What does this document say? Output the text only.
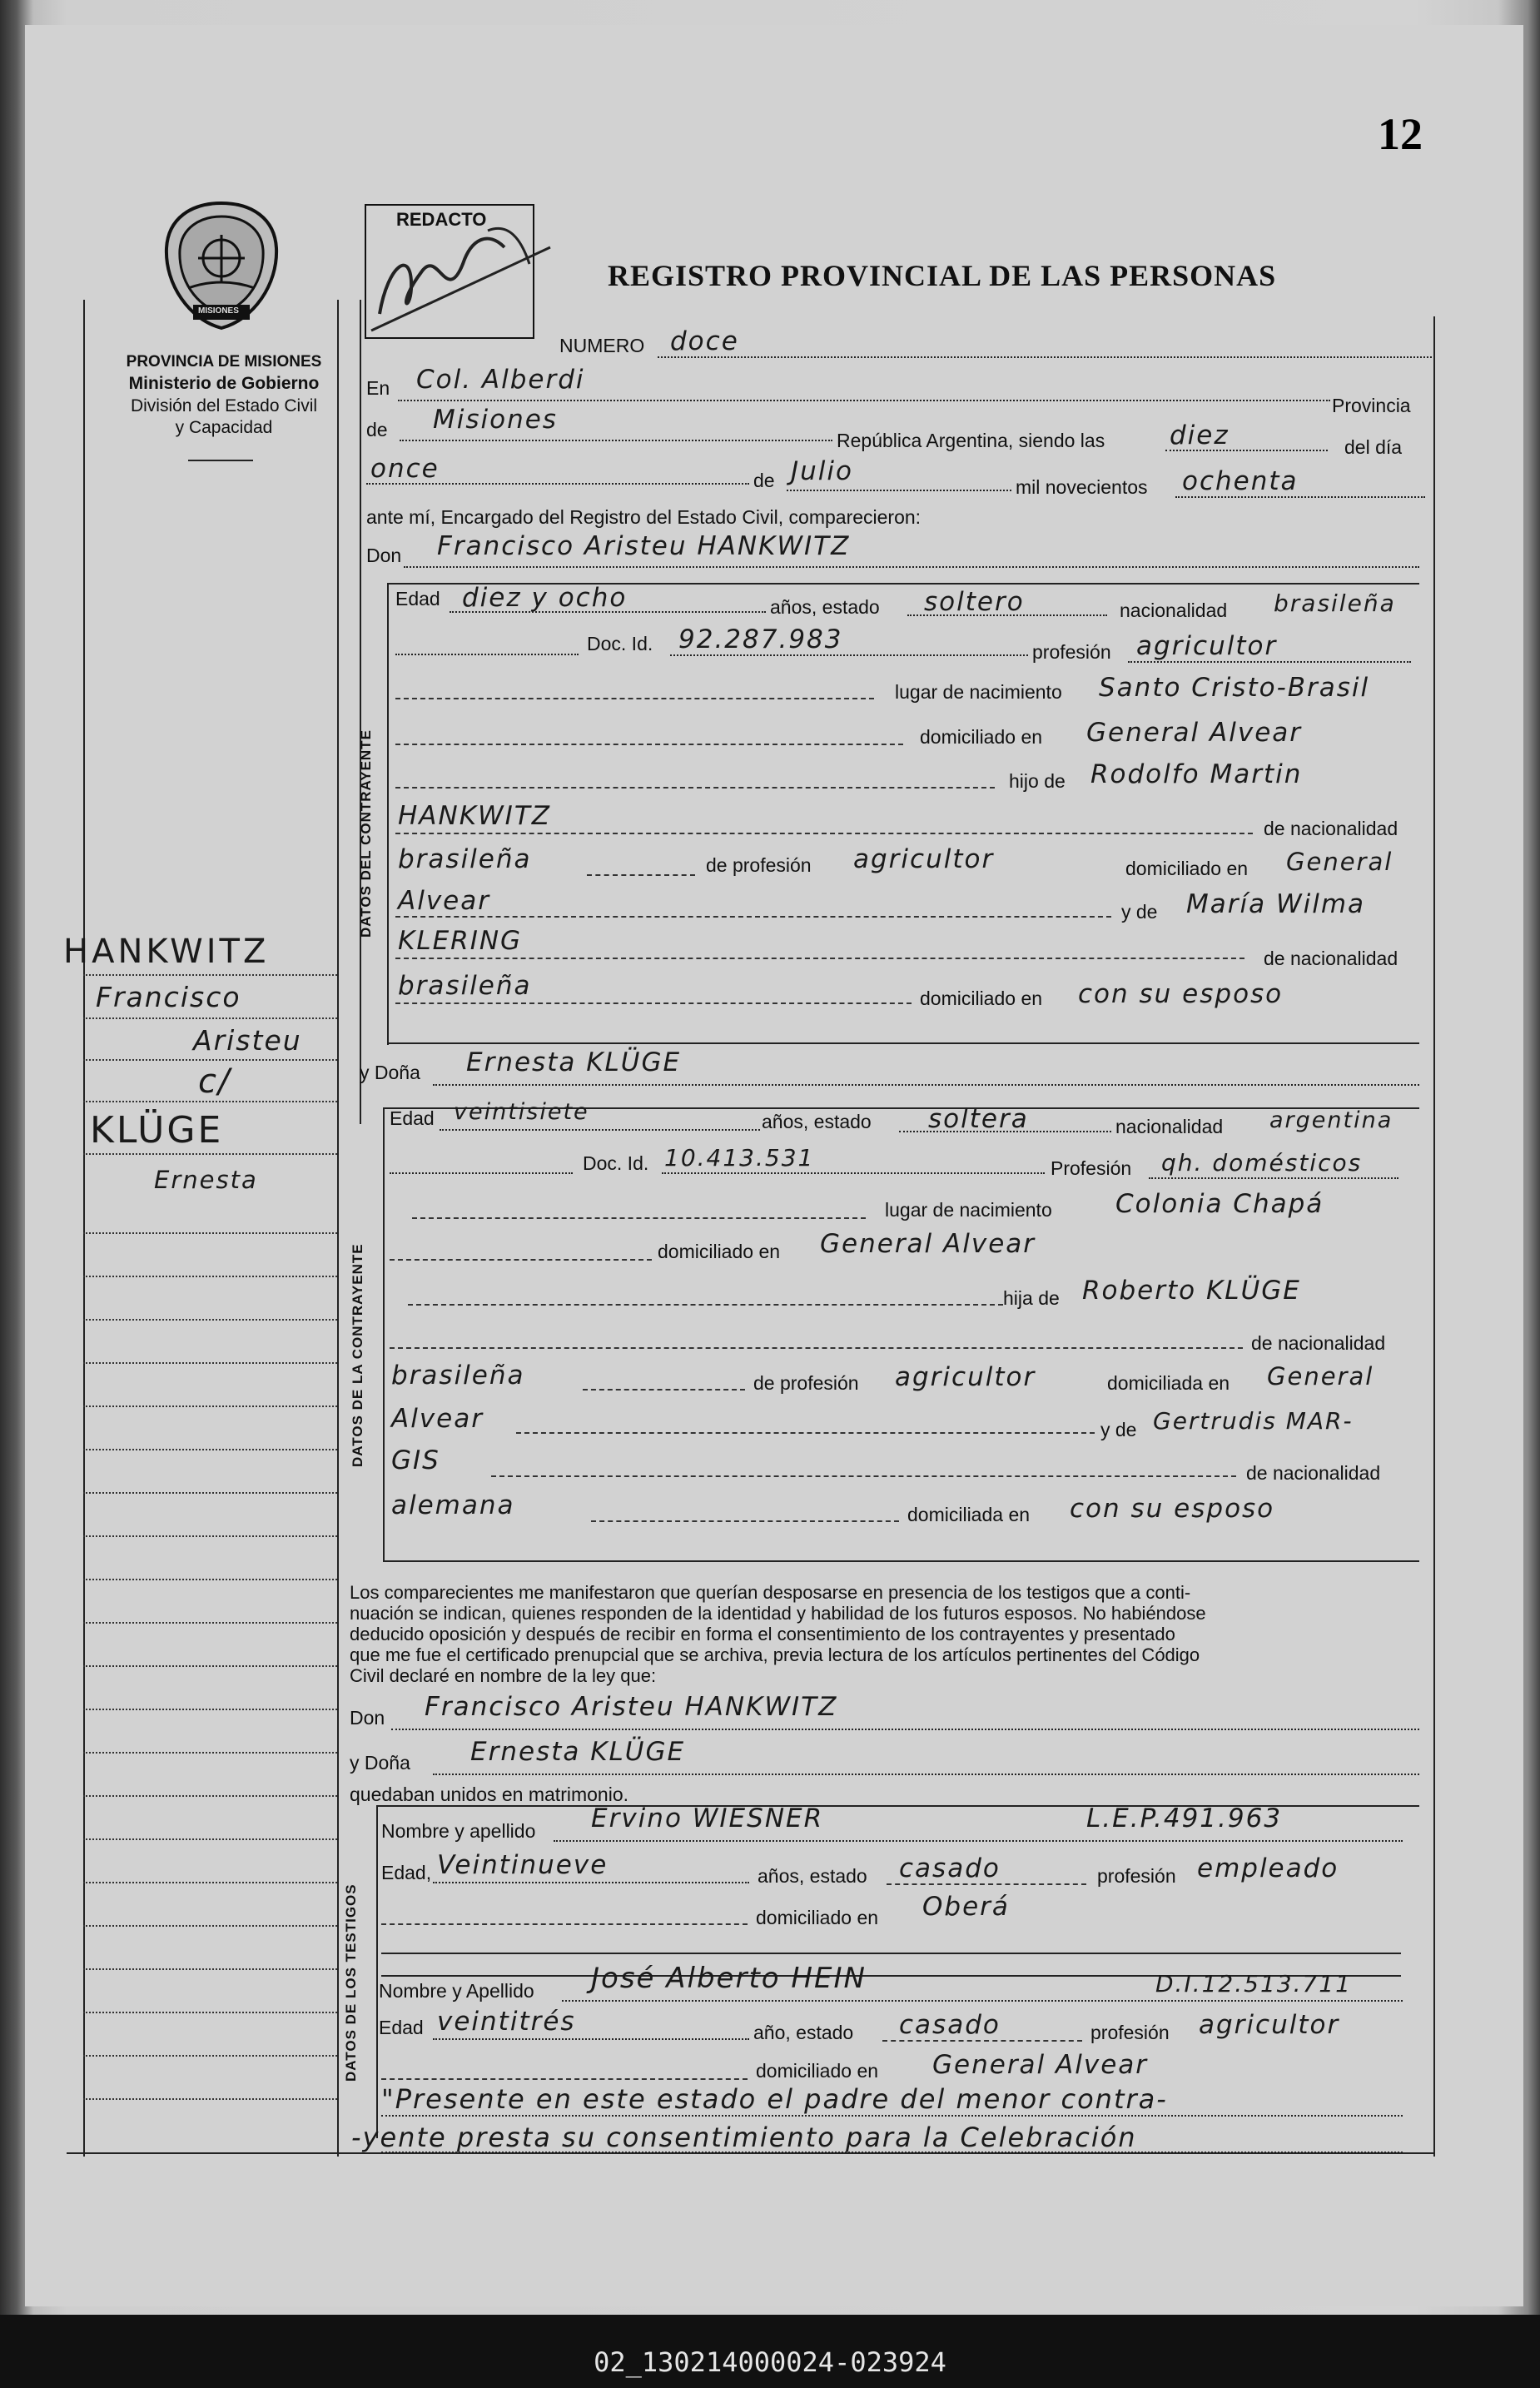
12
MISIONES
PROVINCIA DE MISIONES
Ministerio de Gobierno
División del Estado Civil
y Capacidad
REDACTO
REGISTRO PROVINCIAL DE LAS PERSONAS
NUMERO doce
En Col. Alberdi
Provincia
de Misiones
República Argentina, siendo las	diez	del día
once	de Julio
mil novecientos ochenta
ante mí, Encargado del Registro del Estado Civil, comparecieron:
Don Francisco Aristeu HANKWITZ
DATOS DEL CONTRAYENTE
Edad diez y ocho	años, estado soltero	nacionalidad brasileña
Doc. Id. 92.287.983	profesión agricultor
lugar de nacimiento Santo Cristo-Brasil
domiciliado en General Alvear
hijo de Rodolfo Martin
HANKWITZ	de nacionalidad
brasileña	de profesión agricultor	domiciliado en General
Alvear	y de María Wilma
KLERING
de nacionalidad
brasileña	domiciliado en con su esposo
y Doña Ernesta KLÜGE
DATOS DE LA CONTRAYENTE
Edad veintisiete	años, estado soltera	nacionalidad argentina
Doc. Id. 10.413.531	Profesión qh. domésticos
lugar de nacimiento Colonia Chapá
domiciliado en General Alvear
hija de Roberto KLÜGE
de nacionalidad
brasileña	de profesión agricultor	domiciliada en General
Alvear	y de Gertrudis MAR-
GIS	de nacionalidad
alemana	domiciliada en con su esposo
Los comparecientes me manifestaron que querían desposarse en presencia de los testigos que a conti-
nuación se indican, quienes responden de la identidad y habilidad de los futuros esposos. No habiéndose
deducido oposición y después de recibir en forma el consentimiento de los contrayentes y presentado
que me fue el certificado prenupcial que se archiva, previa lectura de los artículos pertinentes del Código
Civil declaré en nombre de la ley que:
Don Francisco Aristeu HANKWITZ
y Doña Ernesta KLÜGE
quedaban unidos en matrimonio.
DATOS DE LOS TESTIGOS
Nombre y apellido Ervino WIESNER	L.E.P.491.963
Edad, Veintinueve	años, estado casado	profesión empleado
domiciliado en Oberá
Nombre y Apellido José Alberto HEIN	D.I.12.513.711
Edad veintitrés	año, estado casado	profesión agricultor
domiciliado en General Alvear
"Presente en este estado el padre del menor contra-
-yente presta su consentimiento para la Celebración
HANKWITZ
Francisco
Aristeu
c/
KLÜGE
Ernesta
02_130214000024-023924
